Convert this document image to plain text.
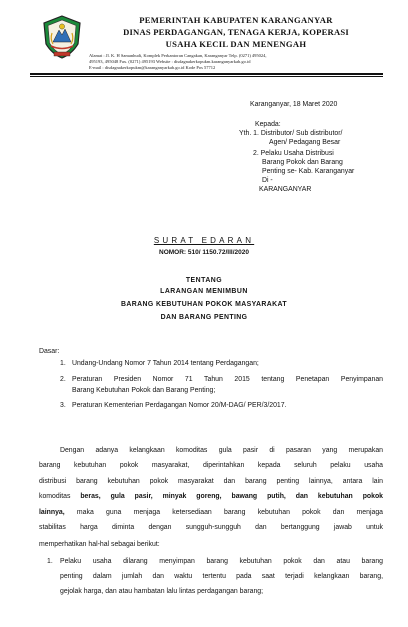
PEMERINTAH KABUPATEN KARANGANYAR
DINAS PERDAGANGAN, TENAGA KERJA, KOPERASI
USAHA KECIL DAN MENENGAH
Alamat : Jl. K. H Samanhudi, Komplek Perkantoran Cangakan, Karanganyar Telp. (0271) 495024,
495193, 495048 Fax. (0271) 495193 Website : disdagnakerkopukm.karanganyarkab.go.id
E-mail : disdagnakerkopukm@karanganyarkab.go.id Kode Pos 57712
Karanganyar, 18 Maret 2020
Kepada:
Yth. 1. Distributor/ Sub distributor/
Agen/ Pedagang Besar
2. Pelaku Usaha Distribusi
Barang Pokok dan Barang
Penting se- Kab. Karanganyar
Di -
KARANGANYAR
SURAT EDARAN
NOMOR: 510/ 1150.72/III/2020
TENTANG
LARANGAN MENIMBUN
BARANG KEBUTUHAN POKOK MASYARAKAT
DAN BARANG PENTING
Dasar:
1. Undang-Undang Nomor 7 Tahun 2014 tentang Perdagangan;
2. Peraturan Presiden Nomor 71 Tahun 2015 tentang Penetapan Penyimpanan
Barang Kebutuhan Pokok dan Barang Penting;
3. Peraturan Kementerian Perdagangan Nomor 20/M-DAG/ PER/3/2017.
Dengan adanya kelangkaan komoditas gula pasir di pasaran yang merupakan
barang kebutuhan pokok masyarakat, diperintahkan kepada seluruh pelaku usaha
distribusi barang kebutuhan pokok masyarakat dan barang penting lainnya, antara lain
komoditas beras, gula pasir, minyak goreng, bawang putih, dan kebutuhan pokok
lainnya, maka guna menjaga ketersediaan barang kebutuhan pokok dan menjaga
stabilitas harga diminta dengan sungguh-sungguh dan bertanggung jawab untuk
memperhatikan hal-hal sebagai berikut:
1. Pelaku usaha dilarang menyimpan barang kebutuhan pokok dan atau barang
penting dalam jumlah dan waktu tertentu pada saat terjadi kelangkaan barang,
gejolak harga, dan atau hambatan lalu lintas perdagangan barang;
